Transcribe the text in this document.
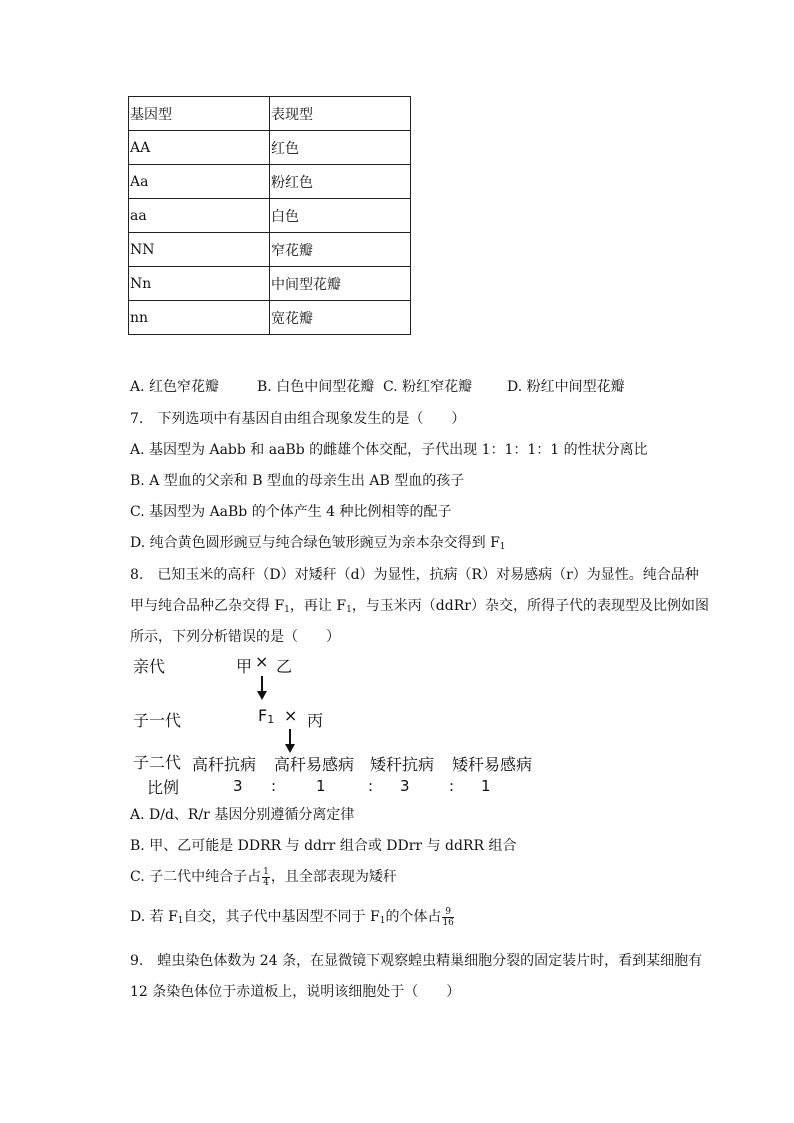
基因型	表现型
AA	红色
Aa	粉红色
aa	白色
NN	窄花瓣
Nn	中间型花瓣
nn	宽花瓣
A. 红色窄花瓣	B. 白色中间型花瓣 C. 粉红窄花瓣 D. 粉红中间型花瓣
7.　下列选项中有基因自由组合现象发生的是（　　）
A. 基因型为 Aabb 和 aaBb 的雌雄个体交配，子代出现 1：1：1：1 的性状分离比
B. A 型血的父亲和 B 型血的母亲生出 AB 型血的孩子
C. 基因型为 AaBb 的个体产生 4 种比例相等的配子
D. 纯合黄色圆形豌豆与纯合绿色皱形豌豆为亲本杂交得到 $F_1$
8.　已知玉米的高秆（D）对矮秆（d）为显性，抗病（R）对易感病（r）为显性。纯合品种
甲与纯合品种乙杂交得 $F_1$，再让 $F_1$，与玉米丙（ddRr）杂交，所得子代的表现型及比例如图
所示，下列分析错误的是（　　）
亲代	甲 × 乙
子一代	F1 × 丙
子二代 高秆抗病 高秆易感病 矮秆抗病 矮秆易感病
比例	3 :	1	: 3	: 1
A. D/d、R/r 基因分别遵循分离定律
B. 甲、乙可能是 DDRR 与 ddrr 组合或 DDrr 与 ddRR 组合
C. 子二代中纯合子占 $\frac{1}{4}$ ，且全部表现为矮秆
D. 若 $F_1$自交，其子代中基因型不同于 $F_1$的个体占 $\frac{9}{16}$
9.　蝗虫染色体数为 24 条，在显微镜下观察蝗虫精巢细胞分裂的固定装片时，看到某细胞有
12 条染色体位于赤道板上，说明该细胞处于（　　）
